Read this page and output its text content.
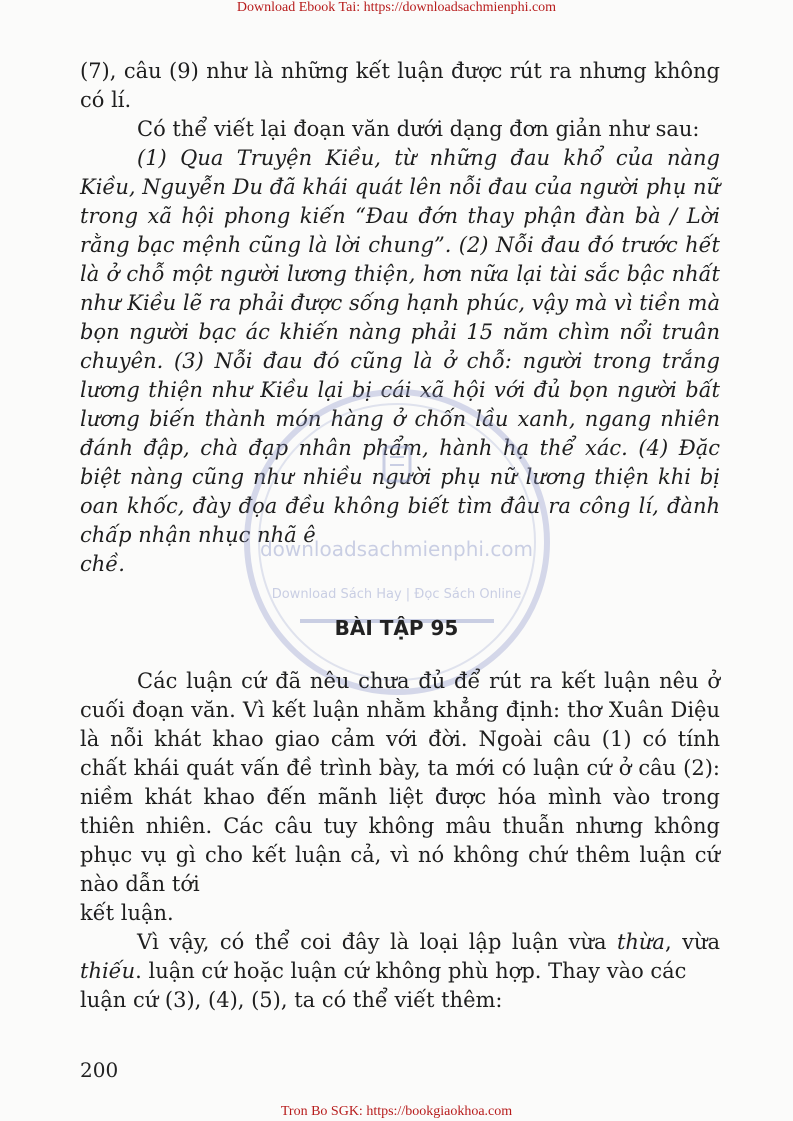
Download Ebook Tai: https://downloadsachmienphi.com

(7), câu (9) như là những kết luận được rút ra nhưng không có lí.

Có thể viết lại đoạn văn dưới dạng đơn giản như sau:

(1) Qua Truyện Kiều, từ những đau khổ của nàng Kiều, Nguyễn Du đã khái quát lên nỗi đau của người phụ nữ trong xã hội phong kiến “Đau đớn thay phận đàn bà / Lời rằng bạc mệnh cũng là lời chung”. (2) Nỗi đau đó trước hết là ở chỗ một người lương thiện, hơn nữa lại tài sắc bậc nhất như Kiều lẽ ra phải được sống hạnh phúc, vậy mà vì tiền mà bọn người bạc ác khiến nàng phải 15 năm chìm nổi truân chuyên. (3) Nỗi đau đó cũng là ở chỗ: người trong trắng lương thiện như Kiều lại bị cái xã hội với đủ bọn người bất lương biến thành món hàng ở chốn lầu xanh, ngang nhiên đánh đập, chà đạp nhân phẩm, hành hạ thể xác. (4) Đặc biệt nàng cũng như nhiều người phụ nữ lương thiện khi bị oan khốc, đày đọa đều không biết tìm đâu ra công lí, đành chấp nhận nhục nhã ê

chề.

downloadsachmienphi.com
Download Sách Hay | Đọc Sách Online
BÀI TẬP 95

Các luận cứ đã nêu chưa đủ để rút ra kết luận nêu ở cuối đoạn văn. Vì kết luận nhằm khẳng định: thơ Xuân Diệu là nỗi khát khao giao cảm với đời. Ngoài câu (1) có tính chất khái quát vấn đề trình bày, ta mới có luận cứ ở câu (2): niềm khát khao đến mãnh liệt được hóa mình vào trong thiên nhiên. Các câu tuy không mâu thuẫn nhưng không phục vụ gì cho kết luận cả, vì nó không chứ thêm luận cứ nào dẫn tới

kết luận.

Vì vậy, có thể coi đây là loại lập luận vừa thừa, vừa thiếu. luận cứ hoặc luận cứ không phù hợp. Thay vào các

luận cứ (3), (4), (5), ta có thể viết thêm:

200
Tron Bo SGK: https://bookgiaokhoa.com
